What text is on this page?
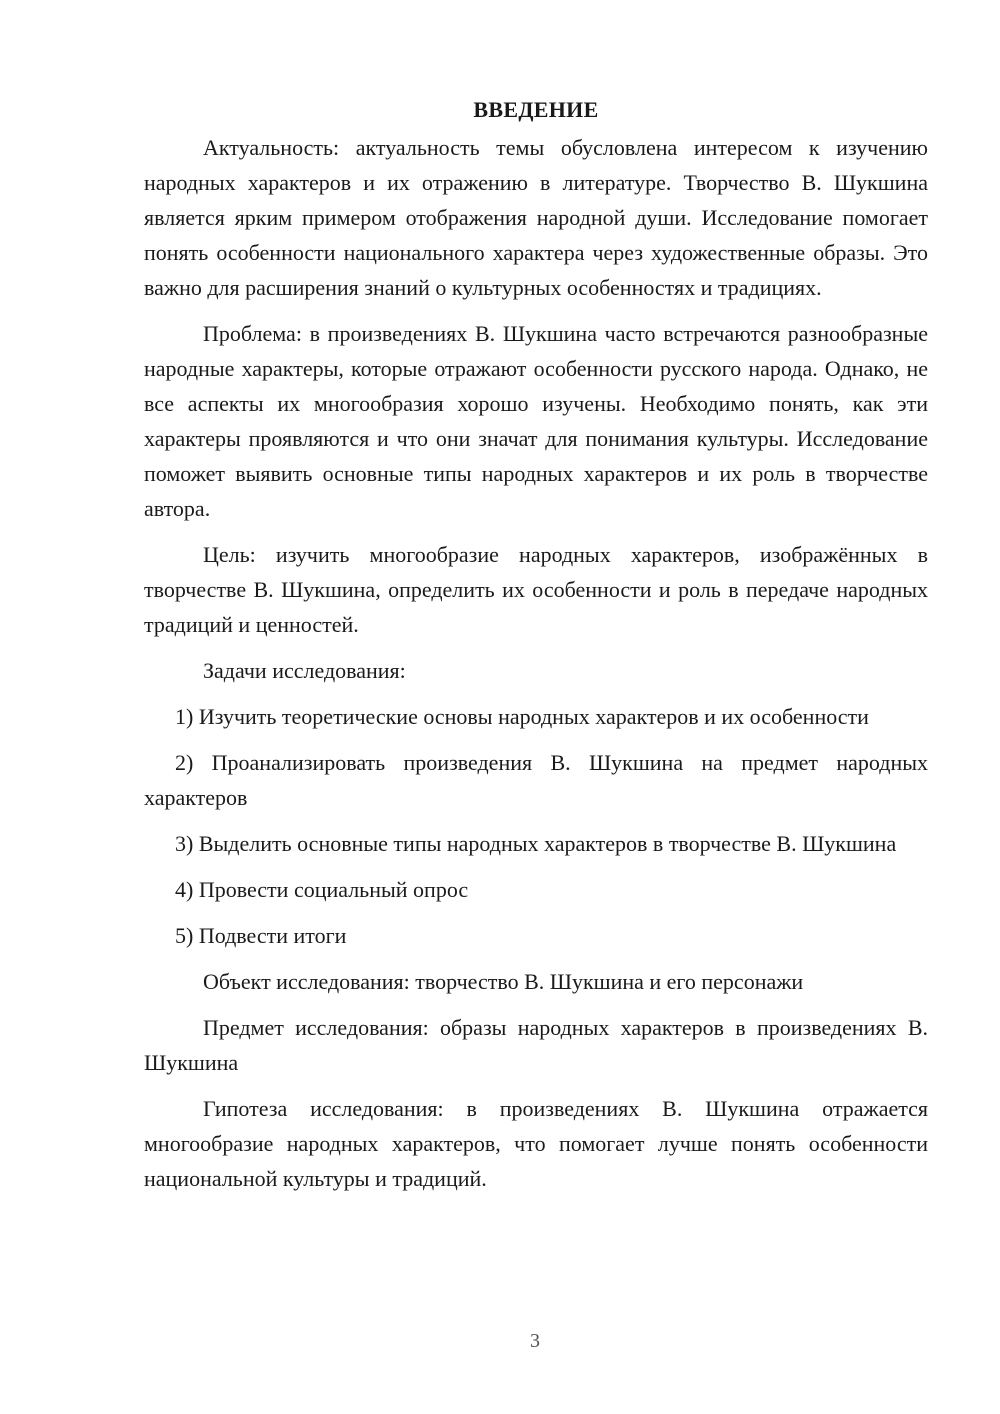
ВВЕДЕНИЕ

Актуальность: актуальность темы обусловлена интересом к изучению народных характеров и их отражению в литературе. Творчество В. Шукшина является ярким примером отображения народной души. Исследование помогает понять особенности национального характера через художественные образы. Это важно для расширения знаний о культурных особенностях и традициях.

Проблема: в произведениях В. Шукшина часто встречаются разнообразные народные характеры, которые отражают особенности русского народа. Однако, не все аспекты их многообразия хорошо изучены. Необходимо понять, как эти характеры проявляются и что они значат для понимания культуры. Исследование поможет выявить основные типы народных характеров и их роль в творчестве автора.

Цель: изучить многообразие народных характеров, изображённых в творчестве В. Шукшина, определить их особенности и роль в передаче народных традиций и ценностей.

Задачи исследования:

1) Изучить теоретические основы народных характеров и их особенности

2) Проанализировать произведения В. Шукшина на предмет народных характеров

3) Выделить основные типы народных характеров в творчестве В. Шукшина

4) Провести социальный опрос

5) Подвести итоги

Объект исследования: творчество В. Шукшина и его персонажи

Предмет исследования: образы народных характеров в произведениях В. Шукшина

Гипотеза исследования: в произведениях В. Шукшина отражается многообразие народных характеров, что помогает лучше понять особенности национальной культуры и традиций.

3
